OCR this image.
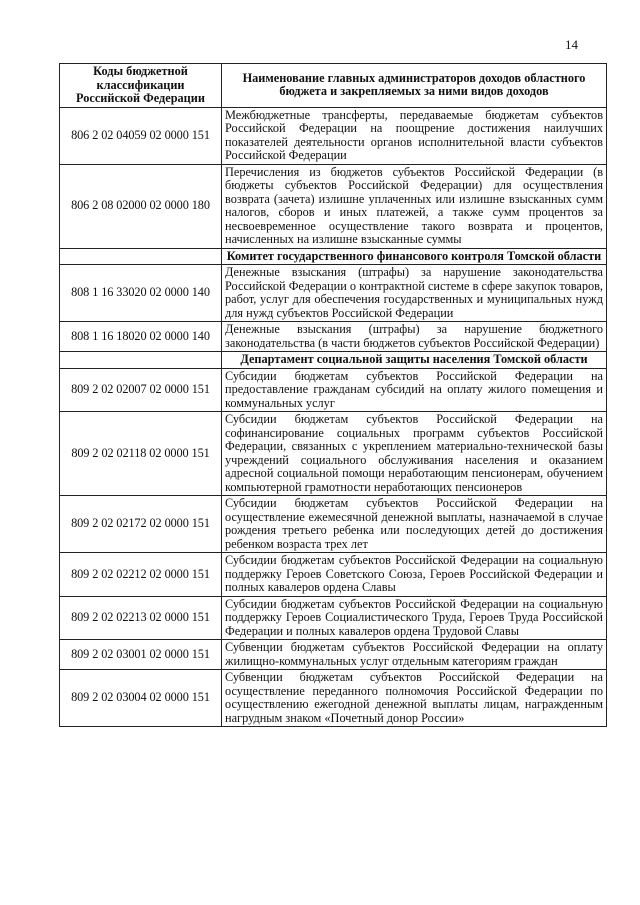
14
Коды бюджетной классификации Российской Федерации	Наименование главных администраторов доходов областного бюджета и закрепляемых за ними видов доходов
806 2 02 04059 02 0000 151	Межбюджетные трансферты, передаваемые бюджетам субъектов Российской Федерации на поощрение достижения наилучших показателей деятельности органов исполнительной власти субъектов Российской Федерации
806 2 08 02000 02 0000 180	Перечисления из бюджетов субъектов Российской Федерации (в бюджеты субъектов Российской Федерации) для осуществления возврата (зачета) излишне уплаченных или излишне взысканных сумм налогов, сборов и иных платежей, а также сумм процентов за несвоевременное осуществление такого возврата и процентов, начисленных на излишне взысканные суммы
	Комитет государственного финансового контроля Томской области
808 1 16 33020 02 0000 140	Денежные взыскания (штрафы) за нарушение законодательства Российской Федерации о контрактной системе в сфере закупок товаров, работ, услуг для обеспечения государственных и муниципальных нужд для нужд субъектов Российской Федерации
808 1 16 18020 02 0000 140	Денежные взыскания (штрафы) за нарушение бюджетного законодательства (в части бюджетов субъектов Российской Федерации)
	Департамент социальной защиты населения Томской области
809 2 02 02007 02 0000 151	Субсидии бюджетам субъектов Российской Федерации на предоставление гражданам субсидий на оплату жилого помещения и коммунальных услуг
809 2 02 02118 02 0000 151	Субсидии бюджетам субъектов Российской Федерации на софинансирование социальных программ субъектов Российской Федерации, связанных с укреплением материально-технической базы учреждений социального обслуживания населения и оказанием адресной социальной помощи неработающим пенсионерам, обучением компьютерной грамотности неработающих пенсионеров
809 2 02 02172 02 0000 151	Субсидии бюджетам субъектов Российской Федерации на осуществление ежемесячной денежной выплаты, назначаемой в случае рождения третьего ребенка или последующих детей до достижения ребенком возраста трех лет
809 2 02 02212 02 0000 151	Субсидии бюджетам субъектов Российской Федерации на социальную поддержку Героев Советского Союза, Героев Российской Федерации и полных кавалеров ордена Славы
809 2 02 02213 02 0000 151	Субсидии бюджетам субъектов Российской Федерации на социальную поддержку Героев Социалистического Труда, Героев Труда Российской Федерации и полных кавалеров ордена Трудовой Славы
809 2 02 03001 02 0000 151	Субвенции бюджетам субъектов Российской Федерации на оплату жилищно-коммунальных услуг отдельным категориям граждан
809 2 02 03004 02 0000 151	Субвенции бюджетам субъектов Российской Федерации на осуществление переданного полномочия Российской Федерации по осуществлению ежегодной денежной выплаты лицам, награжденным нагрудным знаком «Почетный донор России»
